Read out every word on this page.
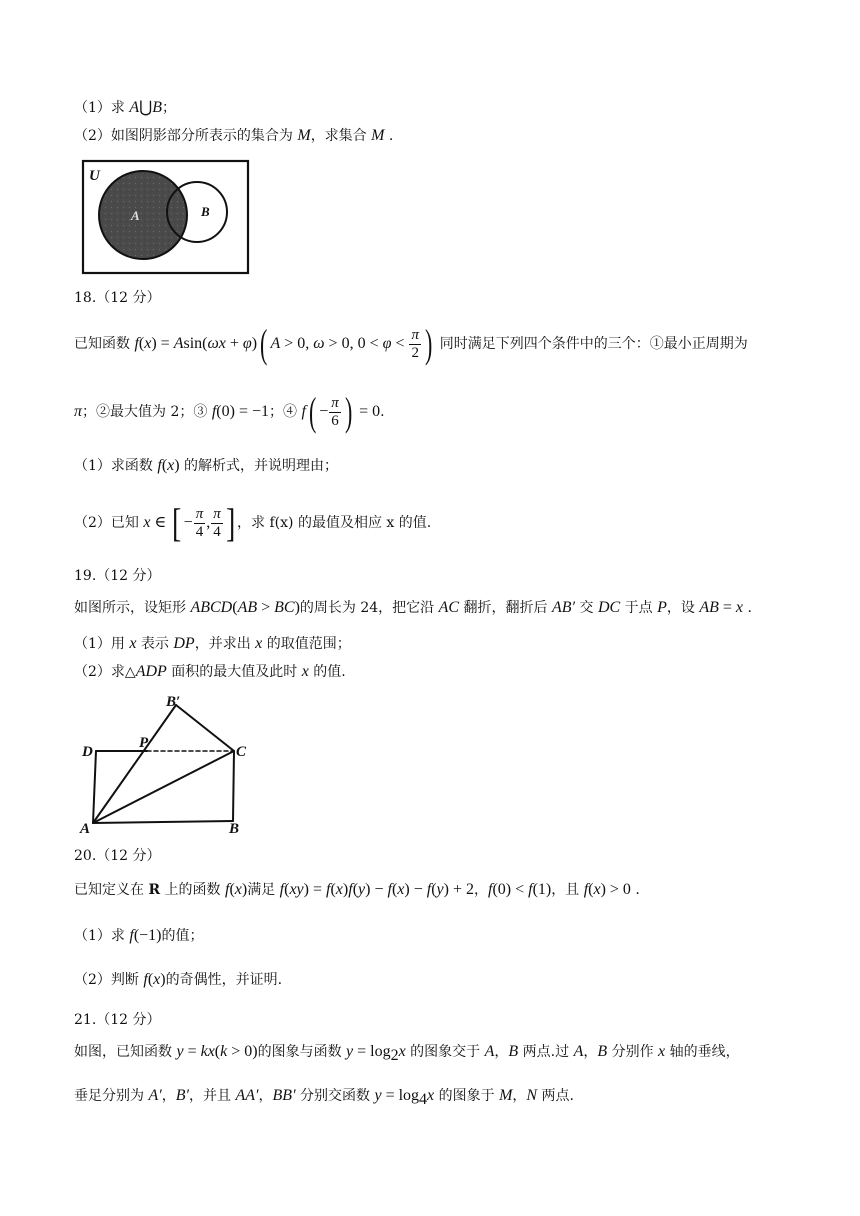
（1）求 A⋃B；
（2）如图阴影部分所表示的集合为 M，求集合 M .
U
A	B
18.（12 分）
已知函数 f(x) = Asin(ωx + φ)( A > 0, ω > 0, $0 < \varphi < \frac{\pi}{2}$ ) 同时满足下列四个条件中的三个：①最小正周期为
π；②最大值为 2；③ f(0) = −1；④ $f( - \frac{\pi}{6}$ ) = 0.
（1）求函数 f(x) 的解析式，并说明理由；
（2）已知 x ∈ [ − $\frac{\pi}{4}$ , $\frac{\pi}{4}$ ] ，求 f(x) 的最值及相应 x 的值.
19.（12 分）
如图所示，设矩形 ABCD(AB > BC)的周长为 24，把它沿 AC 翻折，翻折后 AB′ 交 DC 于点 P，设 AB = x .
（1）用 x 表示 DP，并求出 x 的取值范围；
（2）求△ADP 面积的最大值及此时 x 的值.
B′
D
P
C
A	B
20.（12 分）
已知定义在 R 上的函数 f(x)满足 f(xy) = f(x)f(y) − f(x) − f(y) + 2，f(0) < f(1)，且 f(x) > 0 .
（1）求 f(−1)的值；
（2）判断 f(x)的奇偶性，并证明.
21.（12 分）
如图，已知函数 y = kx(k > 0)的图象与函数 $y = \log_2x$ 的图象交于 A，B 两点.过 A，B 分别作 x 轴的垂线，
垂足分别为 A′，B′，并且 AA′，BB′ 分别交函数 $y = \log_4x$ 的图象于 M，N 两点.
